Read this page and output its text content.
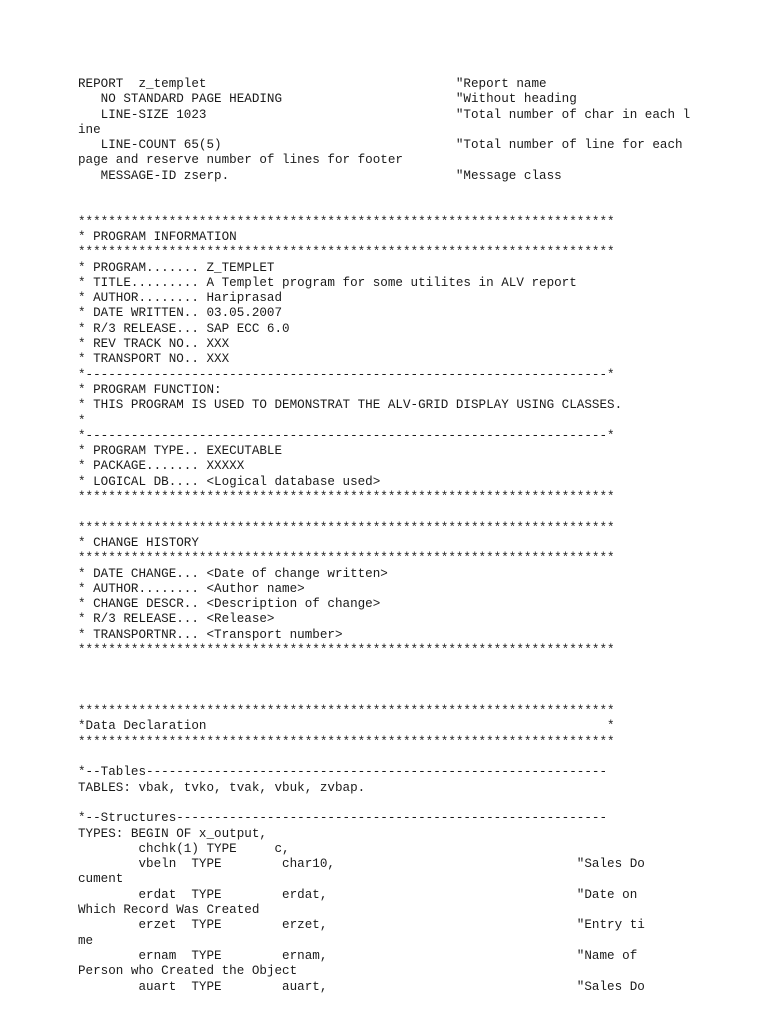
REPORT  z_templet                                 "Report name
NO STANDARD PAGE HEADING                       "Without heading
LINE-SIZE 1023                                 "Total number of char in each l
ine
LINE-COUNT 65(5)                               "Total number of line for each
page and reserve number of lines for footer
MESSAGE-ID zserp.                              "Message class
***********************************************************************
* PROGRAM INFORMATION
***********************************************************************
* PROGRAM....... Z_TEMPLET
* TITLE......... A Templet program for some utilites in ALV report
* AUTHOR........ Hariprasad
* DATE WRITTEN.. 03.05.2007
* R/3 RELEASE... SAP ECC 6.0
* REV TRACK NO.. XXX
* TRANSPORT NO.. XXX
*---------------------------------------------------------------------*
* PROGRAM FUNCTION:
* THIS PROGRAM IS USED TO DEMONSTRAT THE ALV-GRID DISPLAY USING CLASSES.
*
*---------------------------------------------------------------------*
* PROGRAM TYPE.. EXECUTABLE
* PACKAGE....... XXXXX
* LOGICAL DB.... <Logical database used>
***********************************************************************
***********************************************************************
* CHANGE HISTORY
***********************************************************************
* DATE CHANGE... <Date of change written>
* AUTHOR........ <Author name>
* CHANGE DESCR.. <Description of change>
* R/3 RELEASE... <Release>
* TRANSPORTNR... <Transport number>
***********************************************************************
***********************************************************************
*Data Declaration                                                     *
***********************************************************************
*--Tables-------------------------------------------------------------
TABLES: vbak, tvko, tvak, vbuk, zvbap.
*--Structures---------------------------------------------------------
TYPES: BEGIN OF x_output,
chchk(1) TYPE     c,
vbeln  TYPE        char10,                                "Sales Do
cument
erdat  TYPE        erdat,                                 "Date on
Which Record Was Created
erzet  TYPE        erzet,                                 "Entry ti
me
ernam  TYPE        ernam,                                 "Name of
Person who Created the Object
auart  TYPE        auart,                                 "Sales Do
